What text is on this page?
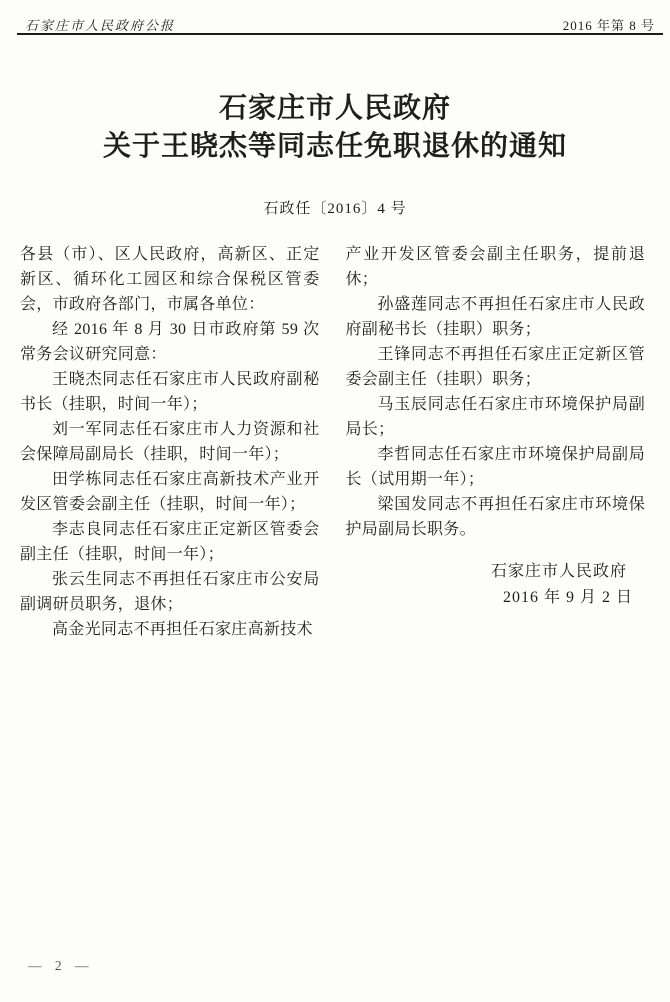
石家庄市人民政府公报	2016 年第 8 号
石家庄市人民政府
关于王晓杰等同志任免职退休的通知
石政任〔2016〕4 号

各县（市）、区人民政府，高新区、正定新区、循环化工园区和综合保税区管委会，市政府各部门，市属各单位：

经 2016 年 8 月 30 日市政府第 59 次常务会议研究同意：

王晓杰同志任石家庄市人民政府副秘书长（挂职，时间一年）；

刘一军同志任石家庄市人力资源和社会保障局副局长（挂职，时间一年）；

田学栋同志任石家庄高新技术产业开发区管委会副主任（挂职，时间一年）；

李志良同志任石家庄正定新区管委会副主任（挂职，时间一年）；

张云生同志不再担任石家庄市公安局副调研员职务，退休；

高金光同志不再担任石家庄高新技术

产业开发区管委会副主任职务，提前退休；

孙盛莲同志不再担任石家庄市人民政府副秘书长（挂职）职务；

王锋同志不再担任石家庄正定新区管委会副主任（挂职）职务；

马玉辰同志任石家庄市环境保护局副局长；

李哲同志任石家庄市环境保护局副局长（试用期一年）；

梁国发同志不再担任石家庄市环境保护局副局长职务。

石家庄市人民政府
2016 年 9 月 2 日
— 2 —
